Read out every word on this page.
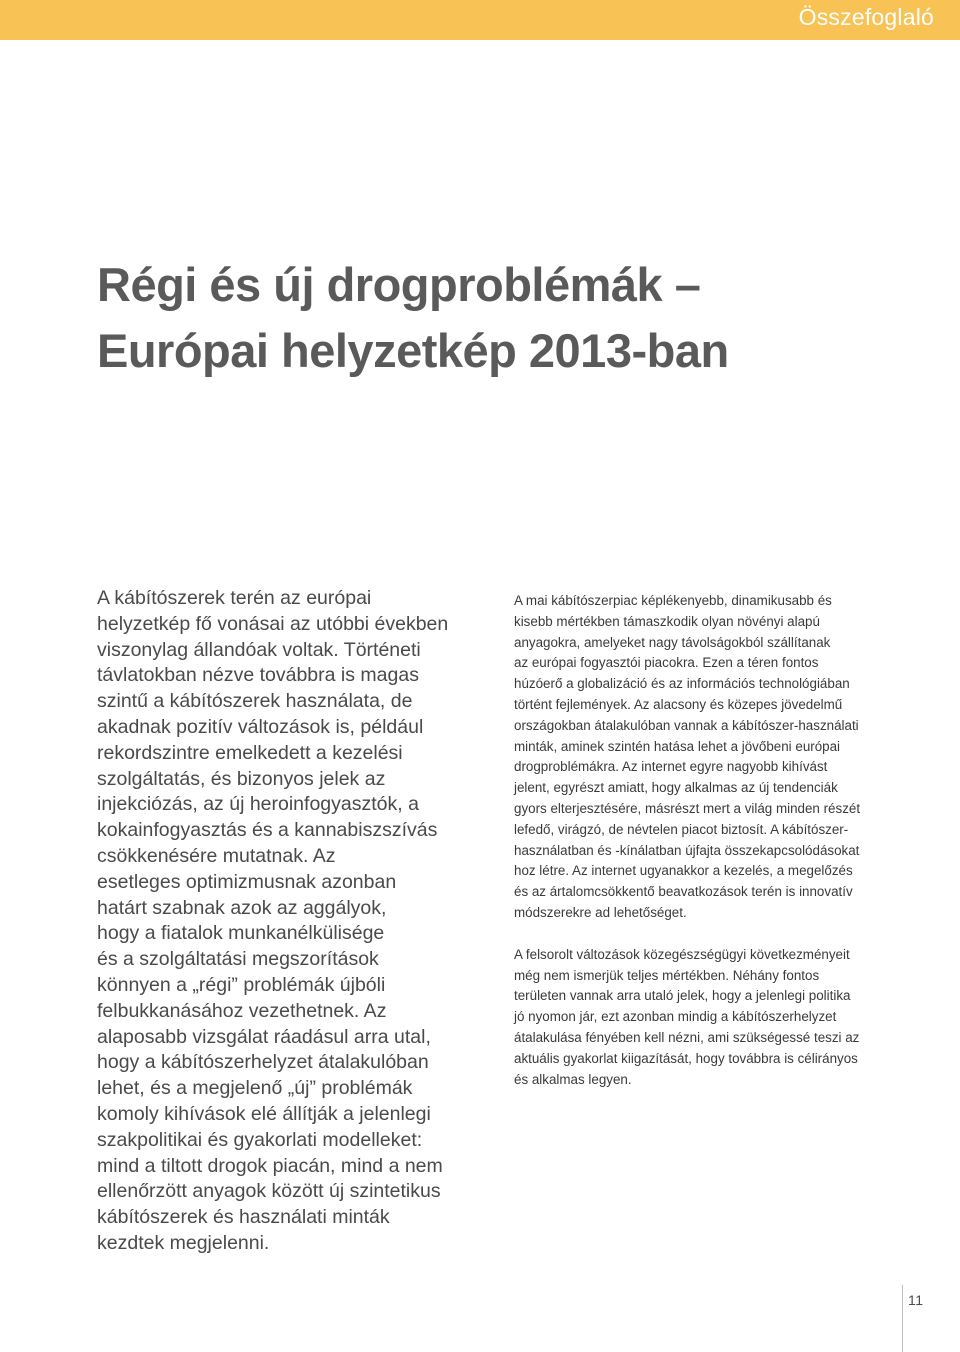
Összefoglaló
Régi és új drogproblémák –
Európai helyzetkép 2013-ban
A kábítószerek terén az európai
helyzetkép fő vonásai az utóbbi években
viszonylag állandóak voltak. Történeti
távlatokban nézve továbbra is magas
szintű a kábítószerek használata, de
akadnak pozitív változások is, például
rekordszintre emelkedett a kezelési
szolgáltatás, és bizonyos jelek az
injekciózás, az új heroinfogyasztók, a
kokainfogyasztás és a kannabiszszívás
csökkenésére mutatnak. Az
esetleges optimizmusnak azonban
határt szabnak azok az aggályok,
hogy a fiatalok munkanélkülisége
és a szolgáltatási megszorítások
könnyen a „régi” problémák újbóli
felbukkanásához vezethetnek. Az
alaposabb vizsgálat ráadásul arra utal,
hogy a kábítószerhelyzet átalakulóban
lehet, és a megjelenő „új” problémák
komoly kihívások elé állítják a jelenlegi
szakpolitikai és gyakorlati modelleket:
mind a tiltott drogok piacán, mind a nem
ellenőrzött anyagok között új szintetikus
kábítószerek és használati minták
kezdtek megjelenni.

A mai kábítószerpiac képlékenyebb, dinamikusabb és
kisebb mértékben támaszkodik olyan növényi alapú
anyagokra, amelyeket nagy távolságokból szállítanak
az európai fogyasztói piacokra. Ezen a téren fontos
húzóerő a globalizáció és az információs technológiában
történt fejlemények. Az alacsony és közepes jövedelmű
országokban átalakulóban vannak a kábítószer-használati
minták, aminek szintén hatása lehet a jövőbeni európai
drogproblémákra. Az internet egyre nagyobb kihívást
jelent, egyrészt amiatt, hogy alkalmas az új tendenciák
gyors elterjesztésére, másrészt mert a világ minden részét
lefedő, virágzó, de névtelen piacot biztosít. A kábítószer-
használatban és -kínálatban újfajta összekapcsolódásokat
hoz létre. Az internet ugyanakkor a kezelés, a megelőzés
és az ártalomcsökkentő beavatkozások terén is innovatív
módszerekre ad lehetőséget.

A felsorolt változások közegészségügyi következményeit
még nem ismerjük teljes mértékben. Néhány fontos
területen vannak arra utaló jelek, hogy a jelenlegi politika
jó nyomon jár, ezt azonban mindig a kábítószerhelyzet
átalakulása fényében kell nézni, ami szükségessé teszi az
aktuális gyakorlat kiigazítását, hogy továbbra is célirányos
és alkalmas legyen.

11
